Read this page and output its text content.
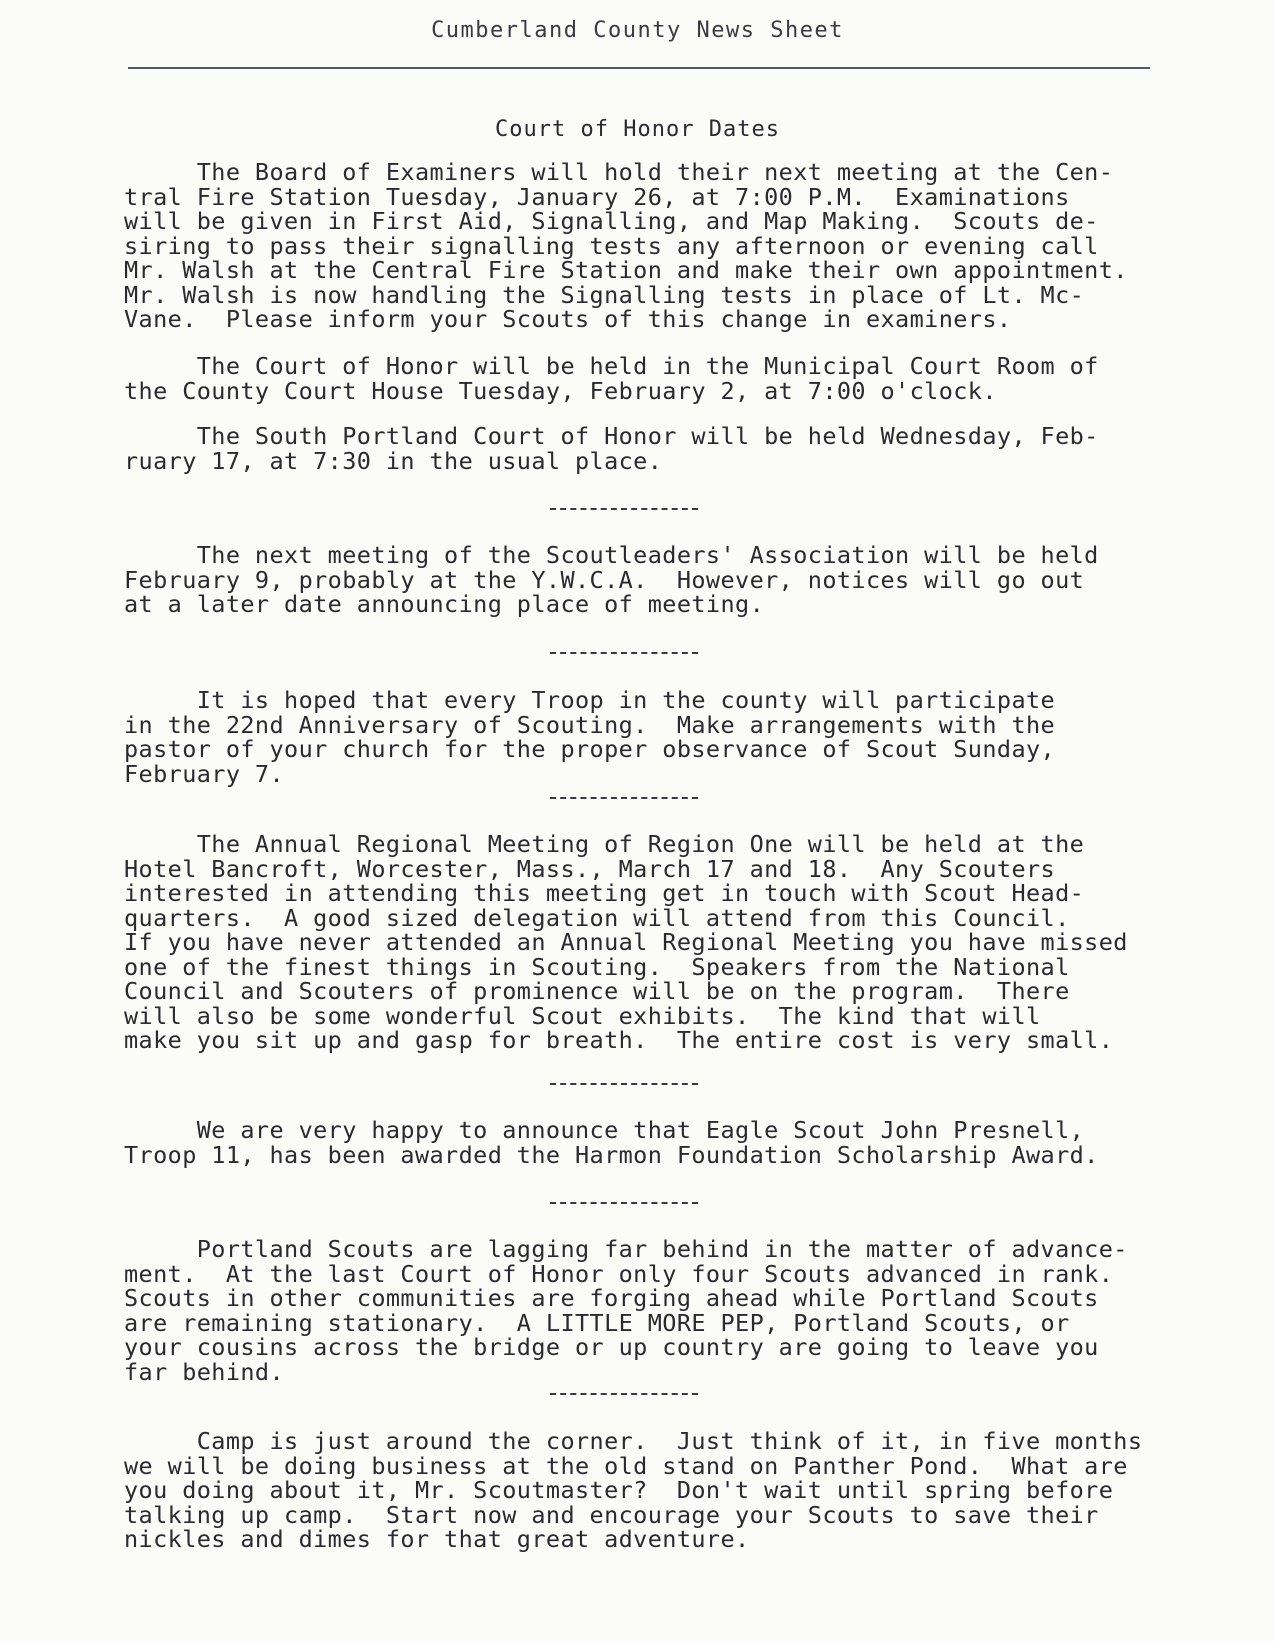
Cumberland County News Sheet
Court of Honor Dates

The Board of Examiners will hold their next meeting at the Cen-
tral Fire Station Tuesday, January 26, at 7:00 P.M.  Examinations
will be given in First Aid, Signalling, and Map Making.  Scouts de-
siring to pass their signalling tests any afternoon or evening call
Mr. Walsh at the Central Fire Station and make their own appointment.
Mr. Walsh is now handling the Signalling tests in place of Lt. Mc-
Vane.  Please inform your Scouts of this change in examiners.

The Court of Honor will be held in the Municipal Court Room of
the County Court House Tuesday, February 2, at 7:00 o'clock.

The South Portland Court of Honor will be held Wednesday, Feb-
ruary 17, at 7:30 in the usual place.

The next meeting of the Scoutleaders' Association will be held
February 9, probably at the Y.W.C.A.  However, notices will go out
at a later date announcing place of meeting.

It is hoped that every Troop in the county will participate
in the 22nd Anniversary of Scouting.  Make arrangements with the
pastor of your church for the proper observance of Scout Sunday,
February 7.

The Annual Regional Meeting of Region One will be held at the
Hotel Bancroft, Worcester, Mass., March 17 and 18.  Any Scouters
interested in attending this meeting get in touch with Scout Head-
quarters.  A good sized delegation will attend from this Council.
If you have never attended an Annual Regional Meeting you have missed
one of the finest things in Scouting.  Speakers from the National
Council and Scouters of prominence will be on the program.  There
will also be some wonderful Scout exhibits.  The kind that will
make you sit up and gasp for breath.  The entire cost is very small.

We are very happy to announce that Eagle Scout John Presnell,
Troop 11, has been awarded the Harmon Foundation Scholarship Award.

Portland Scouts are lagging far behind in the matter of advance-
ment.  At the last Court of Honor only four Scouts advanced in rank.
Scouts in other communities are forging ahead while Portland Scouts
are remaining stationary.  A LITTLE MORE PEP, Portland Scouts, or
your cousins across the bridge or up country are going to leave you
far behind.

Camp is just around the corner.  Just think of it, in five months
we will be doing business at the old stand on Panther Pond.  What are
you doing about it, Mr. Scoutmaster?  Don't wait until spring before
talking up camp.  Start now and encourage your Scouts to save their
nickles and dimes for that great adventure.
